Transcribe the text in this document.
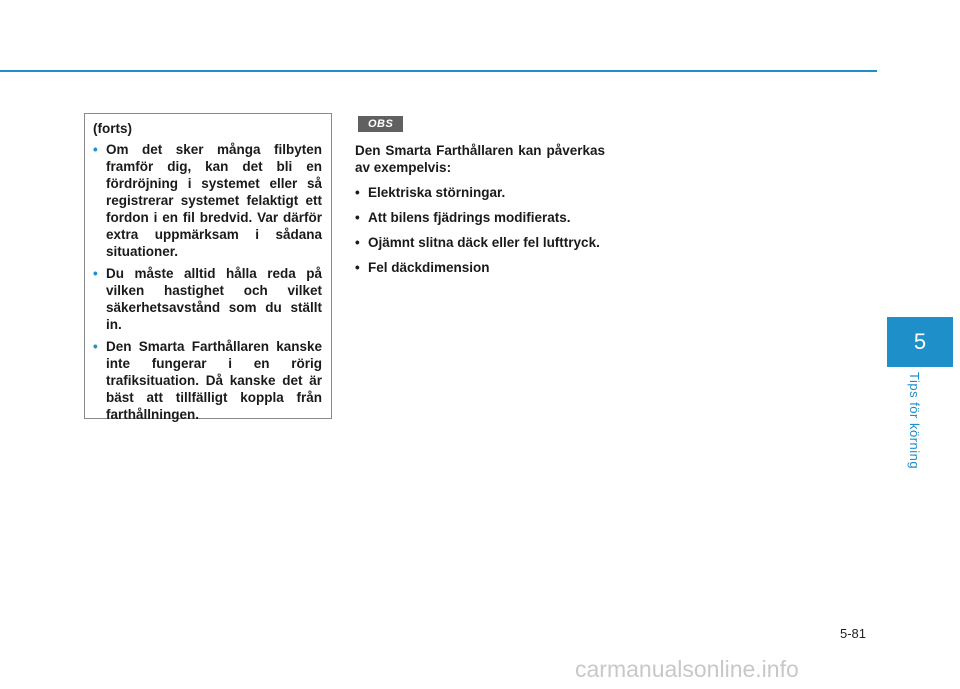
5
Tips för körning
(forts)
• Om det sker många filbyten framför dig, kan det bli en fördröjning i systemet eller så registrerar systemet felaktigt ett fordon i en fil bredvid. Var därför extra uppmärksam i sådana situationer.
• Du måste alltid hålla reda på vilken hastighet och vilket säkerhetsavstånd som du ställt in.
• Den Smarta Farthållaren kanske inte fungerar i en rörig trafiksituation. Då kanske det är bäst att tillfälligt koppla från farthållningen.
OBS
Den Smarta Farthållaren kan påverkas av exempelvis:
• Elektriska störningar.
• Att bilens fjädrings modifierats.
• Ojämnt slitna däck eller fel lufttryck.
• Fel däckdimension
5-81
carmanualsonline.info
